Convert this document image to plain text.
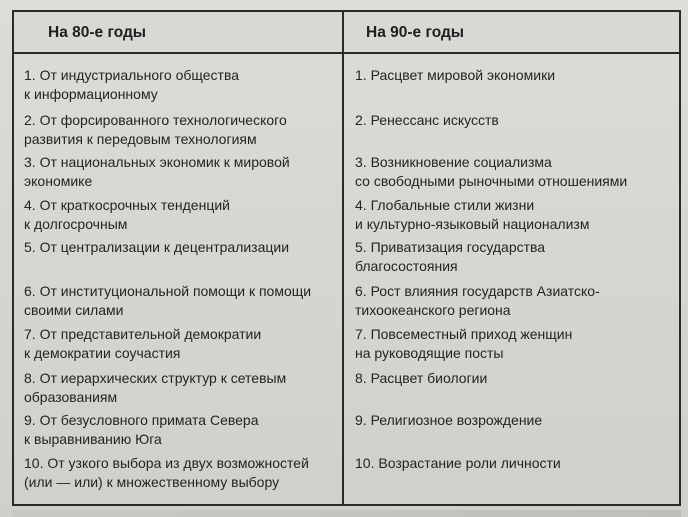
На 80-е годы	На 90-е годы
1. От индустриального общества
к информационному
1. Расцвет мировой экономики
2. От форсированного технологического
развития к передовым технологиям
2. Ренессанс искусств
3. От национальных экономик к мировой
экономике
3. Возникновение социализма
со свободными рыночными отношениями
4. От краткосрочных тенденций
к долгосрочным
4. Глобальные стили жизни
и культурно-языковый национализм
5. От централизации к децентрализации	5. Приватизация государства
благосостояния
6. От институциональной помощи к помощи
своими силами
6. Рост влияния государств Азиатско-
тихоокеанского региона
7. От представительной демократии
к демократии соучастия
7. Повсеместный приход женщин
на руководящие посты
8. От иерархических структур к сетевым
образованиям
8. Расцвет биологии
9. От безусловного примата Севера
к выравниванию Юга
9. Религиозное возрождение
10. От узкого выбора из двух возможностей
(или — или) к множественному выбору
10. Возрастание роли личности
